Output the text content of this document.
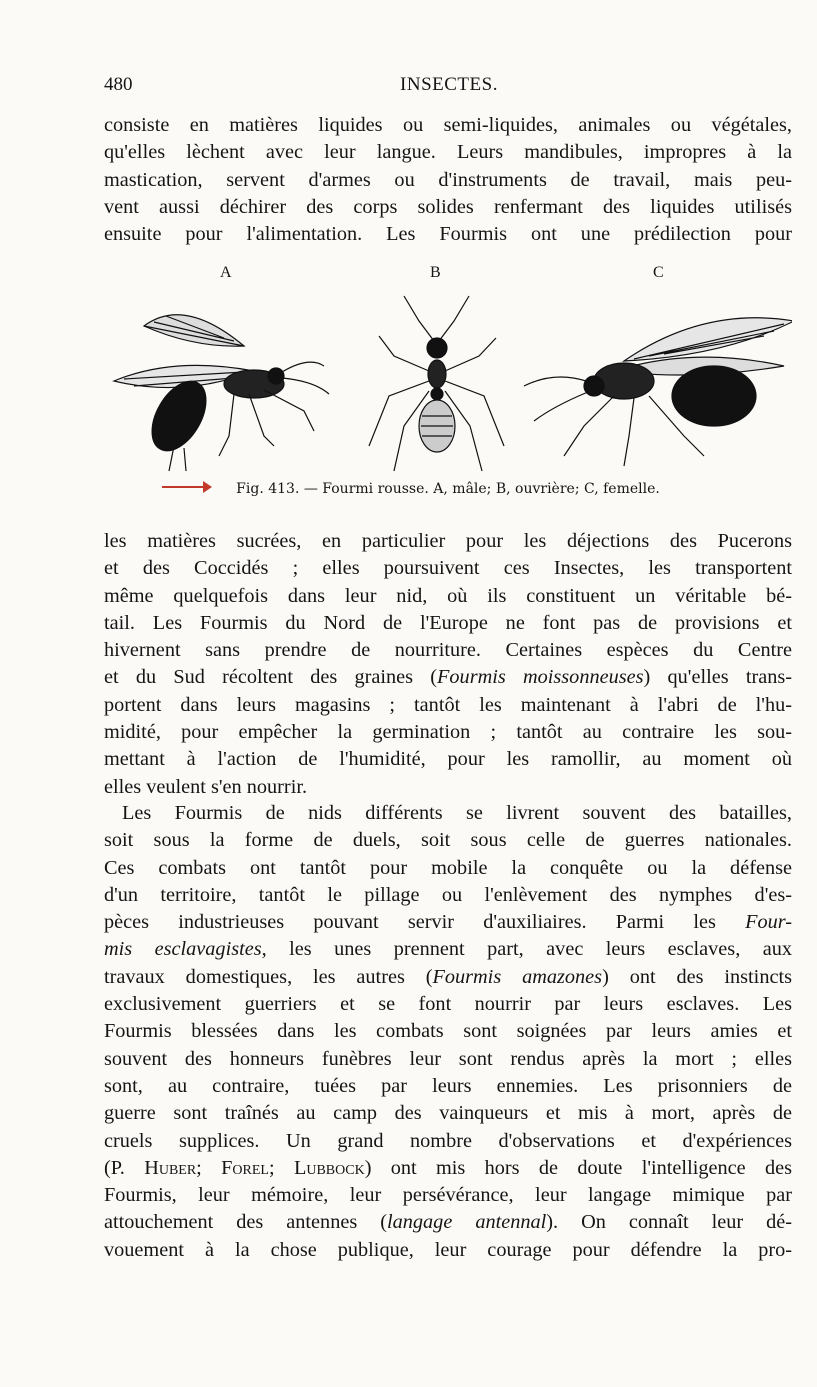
480	INSECTES.
consiste en matières liquides ou semi-liquides, animales ou végétales,
qu'elles lèchent avec leur langue. Leurs mandibules, impropres à la
mastication, servent d'armes ou d'instruments de travail, mais peu-
vent aussi déchirer des corps solides renfermant des liquides utilisés
ensuite pour l'alimentation. Les Fourmis ont une prédilection pour
A	B	C
Fig. 413. — Fourmi rousse. A, mâle; B, ouvrière; C, femelle.
les matières sucrées, en particulier pour les déjections des Pucerons
et des Coccidés ; elles poursuivent ces Insectes, les transportent
même quelquefois dans leur nid, où ils constituent un véritable bé-
tail. Les Fourmis du Nord de l'Europe ne font pas de provisions et
hivernent sans prendre de nourriture. Certaines espèces du Centre
et du Sud récoltent des graines (Fourmis moissonneuses) qu'elles trans-
portent dans leurs magasins ; tantôt les maintenant à l'abri de l'hu-
midité, pour empêcher la germination ; tantôt au contraire les sou-
mettant à l'action de l'humidité, pour les ramollir, au moment où
elles veulent s'en nourrir.
Les Fourmis de nids différents se livrent souvent des batailles,
soit sous la forme de duels, soit sous celle de guerres nationales.
Ces combats ont tantôt pour mobile la conquête ou la défense
d'un territoire, tantôt le pillage ou l'enlèvement des nymphes d'es-
pèces industrieuses pouvant servir d'auxiliaires. Parmi les Four-
mis esclavagistes, les unes prennent part, avec leurs esclaves, aux
travaux domestiques, les autres (Fourmis amazones) ont des instincts
exclusivement guerriers et se font nourrir par leurs esclaves. Les
Fourmis blessées dans les combats sont soignées par leurs amies et
souvent des honneurs funèbres leur sont rendus après la mort ; elles
sont, au contraire, tuées par leurs ennemies. Les prisonniers de
guerre sont traînés au camp des vainqueurs et mis à mort, après de
cruels supplices. Un grand nombre d'observations et d'expériences
(P. Huber; Forel; Lubbock) ont mis hors de doute l'intelligence des
Fourmis, leur mémoire, leur persévérance, leur langage mimique par
attouchement des antennes (langage antennal). On connaît leur dé-
vouement à la chose publique, leur courage pour défendre la pro-
